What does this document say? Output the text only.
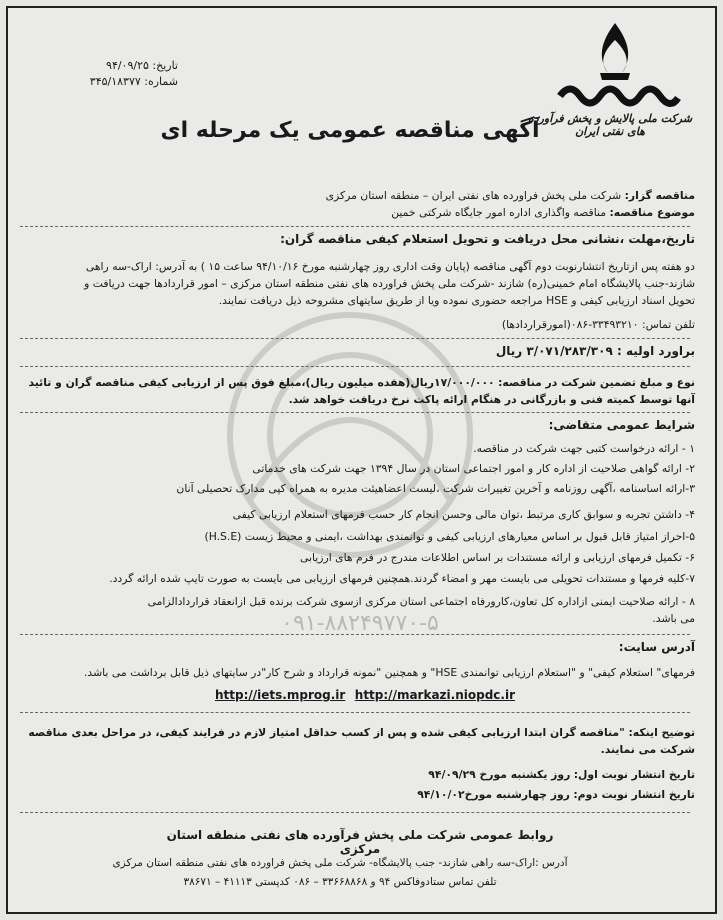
شرکت ملی پالایش و پخش فرآورده های نفتی ایران
تاریخ: ۹۴/۰۹/۲۵
شماره: ۳۴۵/۱۸۳۷۷
آگهی مناقصه عمومی یک مرحله ای
مناقصه گزار: شرکت ملی پخش فراورده های نفتی ایران – منطقه استان مرکزی
موضوع مناقصه: مناقصه واگذاری اداره امور جایگاه شرکتی خمین
تاریخ،مهلت ،نشانی محل دریافت و تحویل استعلام کیفی مناقصه گران:
دو هفته پس ازتاریخ انتشارنوبت دوم آگهی مناقصه (پایان وقت اداری روز چهارشنبه مورخ ۹۴/۱۰/۱۶ ساعت ۱۵ ) به آدرس: اراک-سه راهی
شازند-جنب پالایشگاه امام خمینی(ره) شازند -شرکت ملی پخش فراورده های نفتی منطقه استان مرکزی – امور قراردادها جهت دریافت و
تحویل اسناد ارزیابی کیفی و HSE مراجعه حضوری نموده ویا از طریق سایتهای مشروحه ذیل دریافت نمایند.
تلفن تماس: ۳۳۴۹۳۲۱۰-۰۸۶(امورقراردادها)
براورد اولیه : ۳/۰۷۱/۲۸۳/۳۰۹ ریال
نوع و مبلغ تضمین شرکت در مناقصه: ۱۷/۰۰۰/۰۰۰ریال(هفده میلیون ریال)،مبلغ فوق پس از ارزیابی کیفی مناقصه گران و تائید
آنها توسط کمیته فنی و بازرگانی در هنگام ارائه پاکت نرخ دریافت خواهد شد.
شرایط عمومی متقاضی:
۱ - ارائه درخواست کتبی جهت شرکت در مناقصه.
۲- ارائه گواهی صلاحیت از اداره کار و امور اجتماعی استان در سال ۱۳۹۴ جهت شرکت های خدماتی
۳-ارائه اساسنامه ،آگهی روزنامه و آخرین تغییرات شرکت ،لیست اعضاهیئت مدیره به همراه کپی مدارک تحصیلی آنان
۴- داشتن تجربه و سوابق کاری مرتبط ،توان مالی وحسن انجام کار حسب فرمهای استعلام ارزیابی کیفی
۵-احراز امتیاز قابل قبول بر اساس معیارهای ارزیابی کیفی و توانمندی بهداشت ،ایمنی و محیط زیست (H.S.E)
۶- تکمیل فرمهای ارزیابی و ارائه مستندات بر اساس اطلاعات مندرج در فرم های ارزیابی
۷-کلیه فرمها و مستندات تحویلی می بایست مهر و امضاء گردند.همچنین فرمهای ارزیابی می بایست به صورت تایپ شده ارائه گردد.
۸ - ارائه صلاحیت ایمنی ازاداره کل تعاون،کارورفاه اجتماعی استان مرکزی ازسوی شرکت برنده قبل ازانعقاد قراردادالزامی
می باشد.
۰۹۱-۸۸۲۴۹۷۷۰-۵
آدرس سایت:
فرمهای" استعلام کیفی" و "استعلام ارزیابی توانمندی HSE" و همچنین "نمونه قرارداد و شرح کار"در سایتهای ذیل قابل برداشت می باشد.
http://iets.mprog.ir http://markazi.niopdc.ir
توضیح اینکه: "مناقصه گران ابتدا ارزیابی کیفی شده و پس از کسب حداقل امتیاز لازم در فرایند کیفی، در مراحل بعدی مناقصه
شرکت می نمایند.
تاریخ انتشار نوبت اول: روز یکشنبه مورخ ۹۴/۰۹/۲۹
تاریخ انتشار نوبت دوم: روز چهارشنبه مورخ۹۴/۱۰/۰۲
روابط عمومی شرکت ملی پخش فرآورده های نفتی منطقه استان مرکزی
آدرس :اراک-سه راهی شازند- جنب پالایشگاه- شرکت ملی پخش فراورده های نفتی منطقه استان مرکزی
تلفن تماس ستادوفاکس ۹۴ و ۳۳۶۶۸۸۶۸ – ۰۸۶ کدپستی ۴۱۱۱۳ – ۳۸۶۷۱
